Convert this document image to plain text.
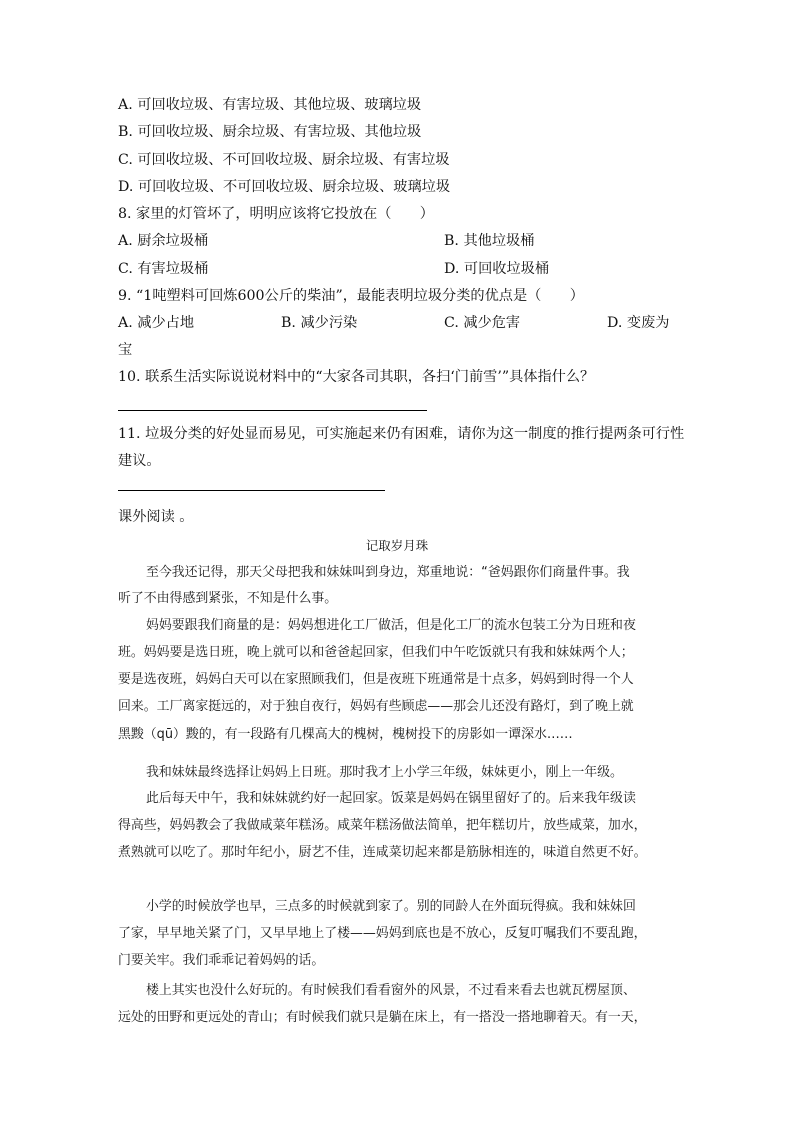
A. 可回收垃圾、有害垃圾、其他垃圾、玻璃垃圾
B. 可回收垃圾、厨余垃圾、有害垃圾、其他垃圾
C. 可回收垃圾、不可回收垃圾、厨余垃圾、有害垃圾
D. 可回收垃圾、不可回收垃圾、厨余垃圾、玻璃垃圾
8. 家里的灯管坏了，明明应该将它投放在（　　）
A. 厨余垃圾桶	B. 其他垃圾桶
C. 有害垃圾桶	D. 可回收垃圾桶
9. “1吨塑料可回炼600公斤的柴油”，最能表明垃圾分类的优点是（　　）
A. 减少占地	B. 减少污染	C. 减少危害	D. 变废为
宝
10. 联系生活实际说说材料中的“大家各司其职，各扫‘门前雪’”具体指什么？
11. 垃圾分类的好处显而易见，可实施起来仍有困难，请你为这一制度的推行提两条可行性
建议。
课外阅读 。
记取岁月珠
至今我还记得，那天父母把我和妹妹叫到身边，郑重地说：“爸妈跟你们商量件事。我
听了不由得感到紧张，不知是什么事。
妈妈要跟我们商量的是：妈妈想进化工厂做活，但是化工厂的流水包装工分为日班和夜
班。妈妈要是选日班，晚上就可以和爸爸起回家，但我们中午吃饭就只有我和妹妹两个人；
要是选夜班，妈妈白天可以在家照顾我们，但是夜班下班通常是十点多，妈妈到时得一个人
回来。工厂离家挺远的，对于独自夜行，妈妈有些顾虑——那会儿还没有路灯，到了晚上就
黑黢（qū）黢的，有一段路有几棵高大的槐树，槐树投下的房影如一谭深水……
我和妹妹最终选择让妈妈上日班。那时我才上小学三年级，妹妹更小，刚上一年级。
此后每天中午，我和妹妹就约好一起回家。饭菜是妈妈在锅里留好了的。后来我年级读
得高些，妈妈教会了我做咸菜年糕汤。咸菜年糕汤做法简单，把年糕切片，放些咸菜，加水，
煮熟就可以吃了。那时年纪小，厨艺不佳，连咸菜切起来都是筋脉相连的，味道自然更不好。
小学的时候放学也早，三点多的时候就到家了。别的同龄人在外面玩得疯。我和妹妹回
了家，早早地关紧了门，又早早地上了楼——妈妈到底也是不放心，反复叮嘱我们不要乱跑，
门要关牢。我们乖乖记着妈妈的话。
楼上其实也没什么好玩的。有时候我们看看窗外的风景，不过看来看去也就瓦楞屋顶、
远处的田野和更远处的青山；有时候我们就只是躺在床上，有一搭没一搭地聊着天。有一天，
